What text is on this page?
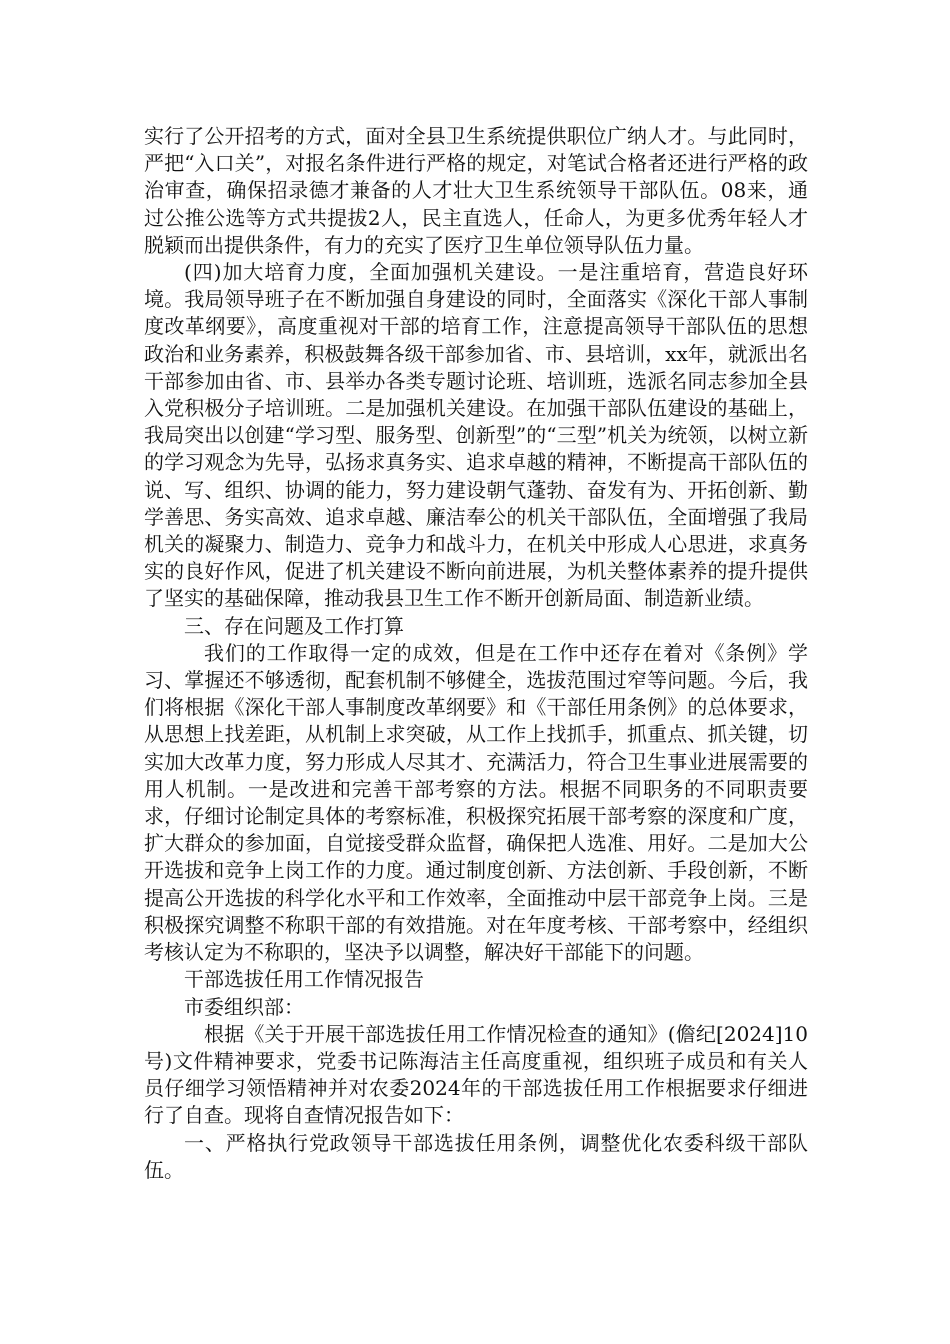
实行了公开招考的方式，面对全县卫生系统提供职位广纳人才。与此同时，严把“入口关”，对报名条件进行严格的规定，对笔试合格者还进行严格的政治审查，确保招录德才兼备的人才壮大卫生系统领导干部队伍。08来，通过公推公选等方式共提拔2人，民主直选人，任命人，为更多优秀年轻人才脱颖而出提供条件，有力的充实了医疗卫生单位领导队伍力量。

(四)加大培育力度，全面加强机关建设。一是注重培育，营造良好环境。我局领导班子在不断加强自身建设的同时，全面落实《深化干部人事制度改革纲要》，高度重视对干部的培育工作，注意提高领导干部队伍的思想政治和业务素养，积极鼓舞各级干部参加省、市、县培训，xx年，就派出名干部参加由省、市、县举办各类专题讨论班、培训班，选派名同志参加全县入党积极分子培训班。二是加强机关建设。在加强干部队伍建设的基础上，我局突出以创建“学习型、服务型、创新型”的“三型”机关为统领，以树立新的学习观念为先导，弘扬求真务实、追求卓越的精神，不断提高干部队伍的说、写、组织、协调的能力，努力建设朝气蓬勃、奋发有为、开拓创新、勤学善思、务实高效、追求卓越、廉洁奉公的机关干部队伍，全面增强了我局机关的凝聚力、制造力、竞争力和战斗力，在机关中形成人心思进，求真务实的良好作风，促进了机关建设不断向前进展，为机关整体素养的提升提供了坚实的基础保障，推动我县卫生工作不断开创新局面、制造新业绩。

三、存在问题及工作打算

我们的工作取得一定的成效，但是在工作中还存在着对《条例》学习、掌握还不够透彻，配套机制不够健全，选拔范围过窄等问题。今后，我们将根据《深化干部人事制度改革纲要》和《干部任用条例》的总体要求，从思想上找差距，从机制上求突破，从工作上找抓手，抓重点、抓关键，切实加大改革力度，努力形成人尽其才、充满活力，符合卫生事业进展需要的用人机制。一是改进和完善干部考察的方法。根据不同职务的不同职责要求，仔细讨论制定具体的考察标准，积极探究拓展干部考察的深度和广度，扩大群众的参加面，自觉接受群众监督，确保把人选准、用好。二是加大公开选拔和竞争上岗工作的力度。通过制度创新、方法创新、手段创新，不断提高公开选拔的科学化水平和工作效率，全面推动中层干部竞争上岗。三是积极探究调整不称职干部的有效措施。对在年度考核、干部考察中，经组织考核认定为不称职的，坚决予以调整，解决好干部能下的问题。

干部选拔任用工作情况报告

市委组织部：

根据《关于开展干部选拔任用工作情况检查的通知》(儋纪[2024]10号)文件精神要求，党委书记陈海洁主任高度重视，组织班子成员和有关人员仔细学习领悟精神并对农委2024年的干部选拔任用工作根据要求仔细进行了自查。现将自查情况报告如下：

一、严格执行党政领导干部选拔任用条例，调整优化农委科级干部队伍。
